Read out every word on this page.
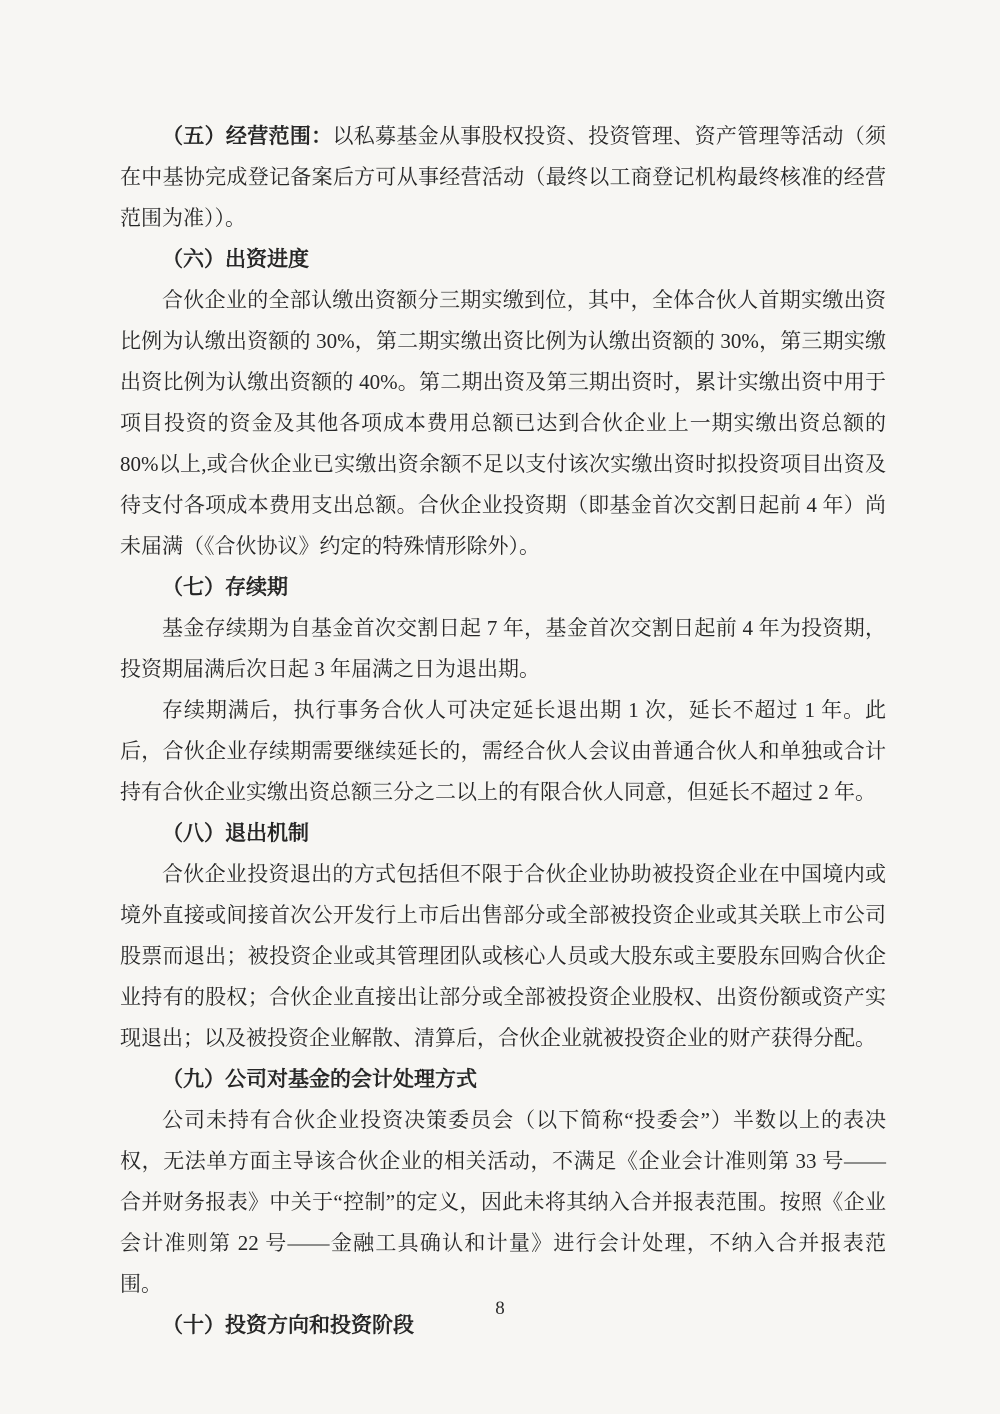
（五）经营范围：以私募基金从事股权投资、投资管理、资产管理等活动（须在中基协完成登记备案后方可从事经营活动（最终以工商登记机构最终核准的经营范围为准））。

（六）出资进度

合伙企业的全部认缴出资额分三期实缴到位，其中，全体合伙人首期实缴出资比例为认缴出资额的 30%，第二期实缴出资比例为认缴出资额的 30%，第三期实缴出资比例为认缴出资额的 40%。第二期出资及第三期出资时，累计实缴出资中用于项目投资的资金及其他各项成本费用总额已达到合伙企业上一期实缴出资总额的 80%以上,或合伙企业已实缴出资余额不足以支付该次实缴出资时拟投资项目出资及待支付各项成本费用支出总额。合伙企业投资期（即基金首次交割日起前 4 年）尚未届满（《合伙协议》约定的特殊情形除外）。

（七）存续期

基金存续期为自基金首次交割日起 7 年，基金首次交割日起前 4 年为投资期，投资期届满后次日起 3 年届满之日为退出期。

存续期满后，执行事务合伙人可决定延长退出期 1 次，延长不超过 1 年。此后，合伙企业存续期需要继续延长的，需经合伙人会议由普通合伙人和单独或合计持有合伙企业实缴出资总额三分之二以上的有限合伙人同意，但延长不超过 2 年。

（八）退出机制

合伙企业投资退出的方式包括但不限于合伙企业协助被投资企业在中国境内或境外直接或间接首次公开发行上市后出售部分或全部被投资企业或其关联上市公司股票而退出；被投资企业或其管理团队或核心人员或大股东或主要股东回购合伙企业持有的股权；合伙企业直接出让部分或全部被投资企业股权、出资份额或资产实现退出；以及被投资企业解散、清算后，合伙企业就被投资企业的财产获得分配。

（九）公司对基金的会计处理方式

公司未持有合伙企业投资决策委员会（以下简称“投委会”）半数以上的表决权，无法单方面主导该合伙企业的相关活动，不满足《企业会计准则第 33 号——合并财务报表》中关于“控制”的定义，因此未将其纳入合并报表范围。按照《企业会计准则第 22 号——金融工具确认和计量》进行会计处理，不纳入合并报表范围。

（十）投资方向和投资阶段
8
